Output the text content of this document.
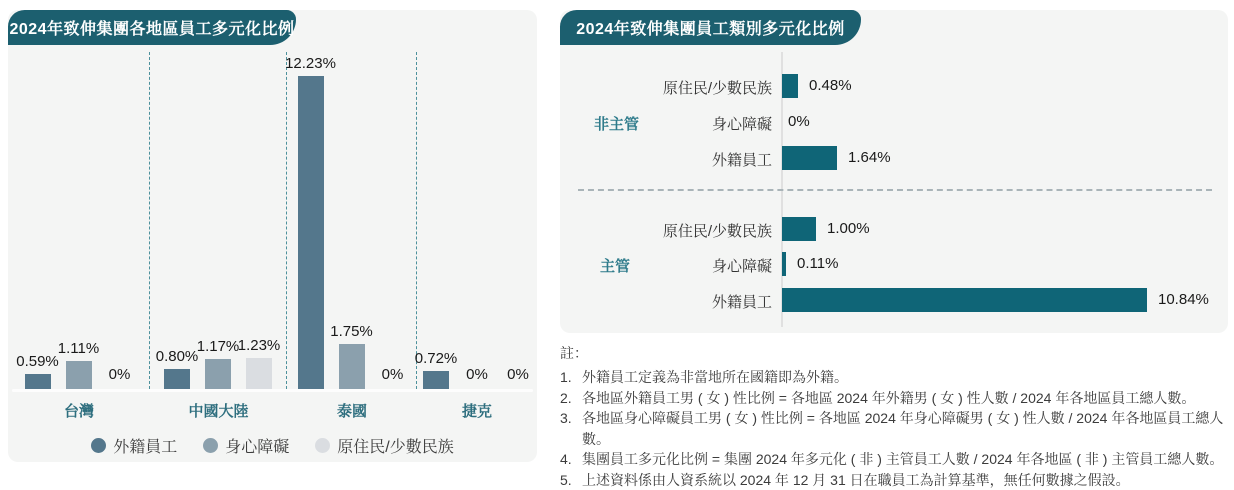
2024年致伸集團各地區員工多元化比例
0.59%
1.11%
0%
0.80%
1.17%
1.23%
12.23%
1.75%
0%
0.72%
0% 0%
台灣	中國大陸	泰國	捷克
外籍員工	身心障礙	原住民/少數民族
2024年致伸集團員工類別多元化比例
非主管
原住民/少數民族 0.48%
身心障礙 0%
外籍員工	1.64%
主管
原住民/少數民族	1.00%
身心障礙 0.11%
外籍員工	10.84%
註：
1. 外籍員工定義為非當地所在國籍即為外籍。
2. 各地區外籍員工男 ( 女 ) 性比例 = 各地區 2024 年外籍男 ( 女 ) 性人數 / 2024 年各地區員工總人數。
3. 各地區身心障礙員工男 ( 女 ) 性比例 = 各地區 2024 年身心障礙男 ( 女 ) 性人數 / 2024 年各地區員工總人數。
4. 集團員工多元化比例 = 集團 2024 年多元化 ( 非 ) 主管員工人數 / 2024 年各地區 ( 非 ) 主管員工總人數。
5. 上述資料係由人資系統以 2024 年 12 月 31 日在職員工為計算基準，無任何數據之假設。
